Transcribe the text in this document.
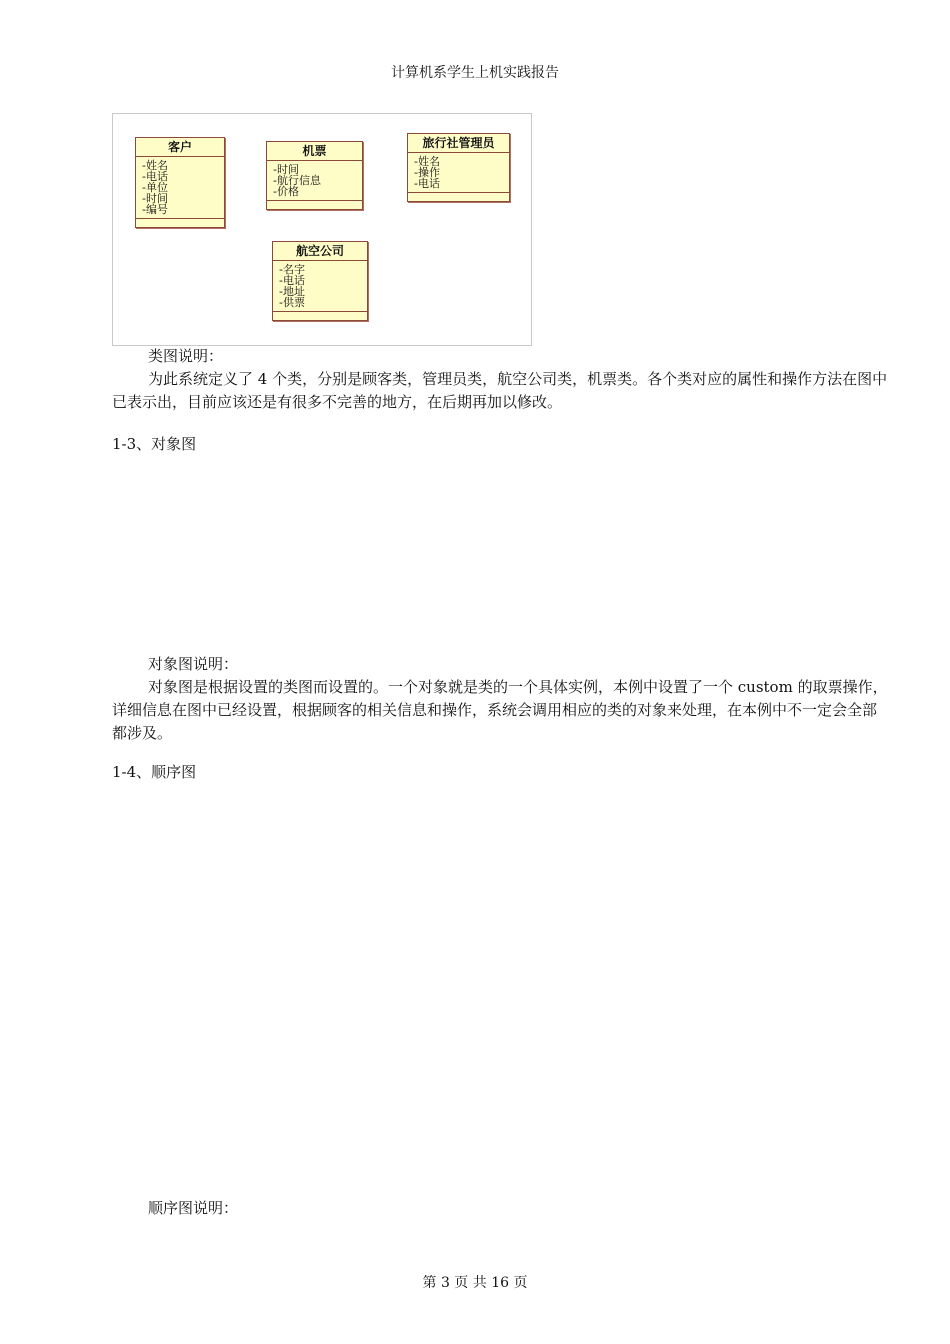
计算机系学生上机实践报告
客户
-姓名
-电话
-单位
-时间
-编号
机票
-时间
-航行信息
-价格
旅行社管理员
-姓名
-操作
-电话
航空公司
-名字
-电话
-地址
-供票
类图说明：
为此系统定义了 4 个类，分别是顾客类，管理员类，航空公司类，机票类。各个类对应的属性和操作方法在图中已表示出，目前应该还是有很多不完善的地方，在后期再加以修改。
1-3、对象图
对象图说明：
对象图是根据设置的类图而设置的。一个对象就是类的一个具体实例，本例中设置了一个 custom 的取票操作，详细信息在图中已经设置，根据顾客的相关信息和操作，系统会调用相应的类的对象来处理，在本例中不一定会全部都涉及。
1-4、顺序图
顺序图说明：
第 3 页 共 16 页
